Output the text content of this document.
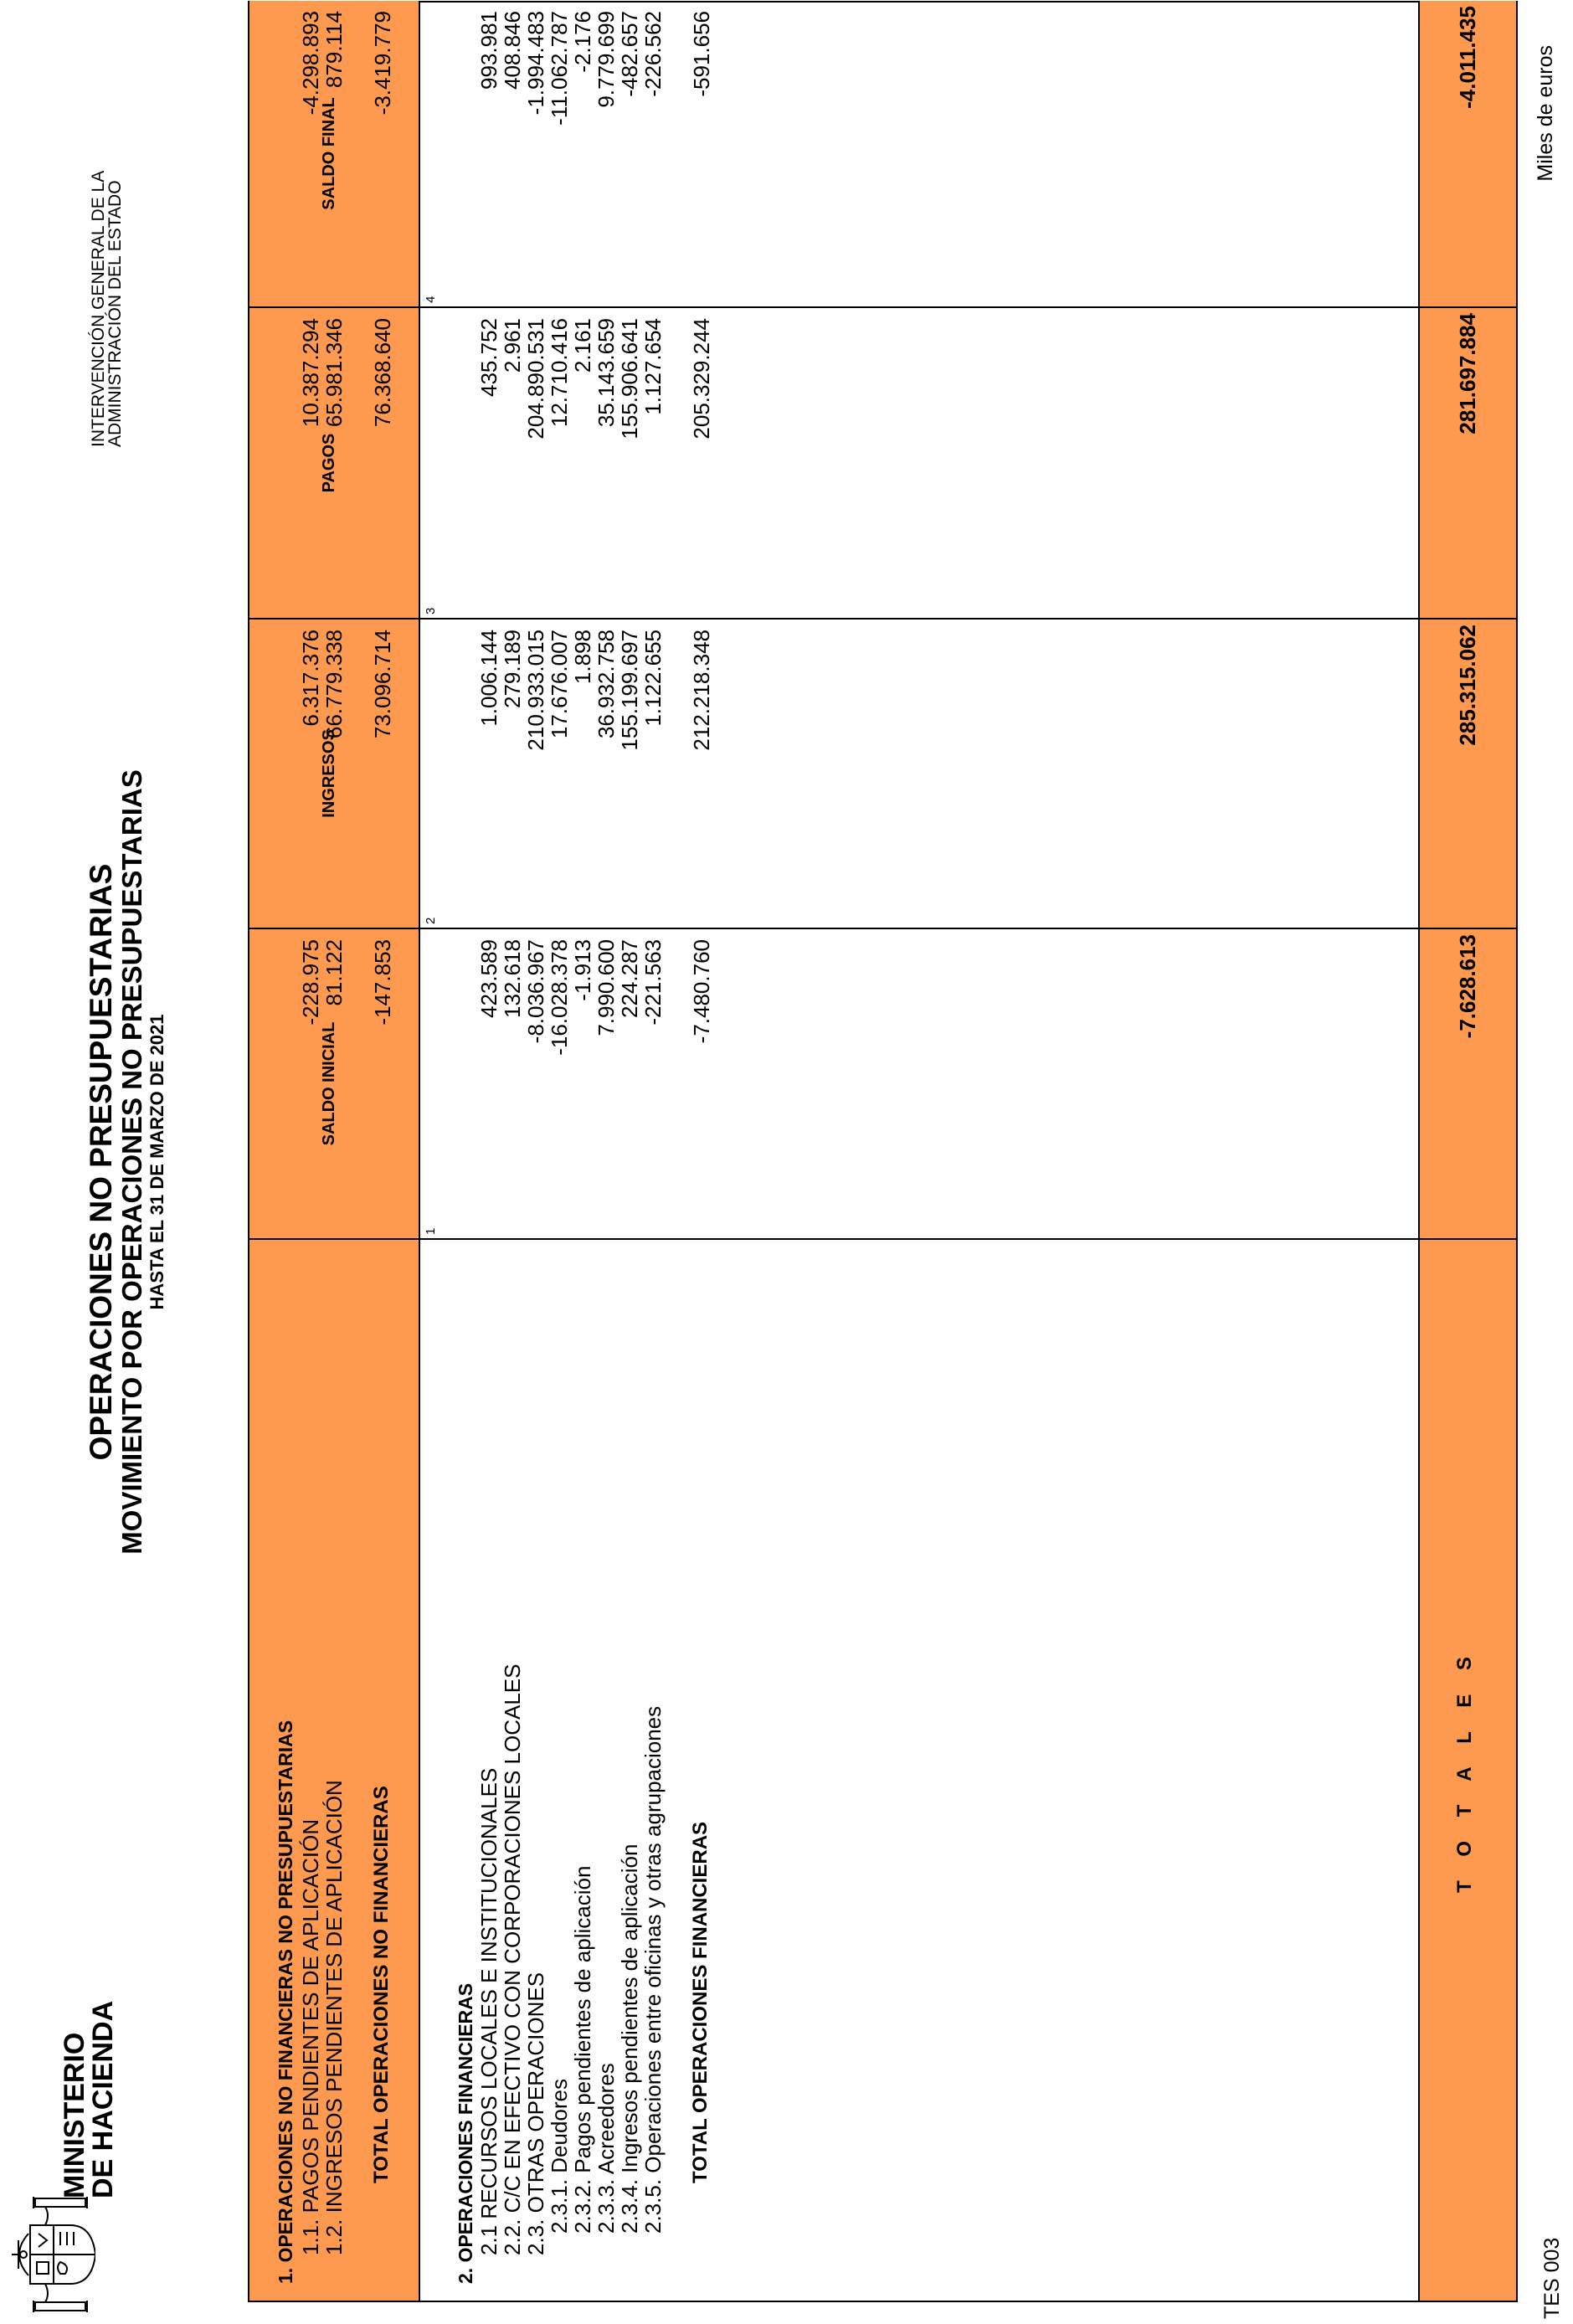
MINISTERIO
DE HACIENDA
OPERACIONES NO PRESUPUESTARIAS
MOVIMIENTO POR OPERACIONES NO PRESUPUESTARIAS HASTA EL 31 DE MARZO DE 2021
INTERVENCIÓN GENERAL DE LA
ADMINISTRACIÓN DEL ESTADO
Miles de euros
T O T A L E S
SALDO INICIAL
1
-7.628.613
INGRESOS
2
285.315.062
PAGOS
3
281.697.884
SALDO FINAL
4
-4.011.435
1. OPERACIONES NO FINANCIERAS NO PRESUPUESTARIAS 1.1. PAGOS PENDIENTES DE APLICACIÓN
-228.975
6.317.376
10.387.294
-4.298.893
1.2. INGRESOS PENDIENTES DE APLICACIÓN
81.122
66.779.338
65.981.346
879.114
TOTAL OPERACIONES NO FINANCIERAS
-147.853
73.096.714
76.368.640
-3.419.779
2. OPERACIONES FINANCIERAS 2.1 RECURSOS LOCALES E INSTITUCIONALES
423.589
1.006.144
435.752
993.981
2.2. C/C EN EFECTIVO CON CORPORACIONES LOCALES
132.618
279.189
2.961
408.846
2.3. OTRAS OPERACIONES
-8.036.967
210.933.015
204.890.531
-1.994.483
2.3.1. Deudores
-16.028.378
17.676.007
12.710.416
-11.062.787
2.3.2. Pagos pendientes de aplicación
-1.913
1.898
2.161
-2.176
2.3.3. Acreedores
7.990.600
36.932.758
35.143.659
9.779.699
2.3.4. Ingresos pendientes de aplicación
224.287
155.199.697
155.906.641
-482.657
2.3.5. Operaciones entre oficinas y otras agrupaciones
-221.563
1.122.655
1.127.654
-226.562
TOTAL OPERACIONES FINANCIERAS
-7.480.760
212.218.348
205.329.244
-591.656
TES 003
